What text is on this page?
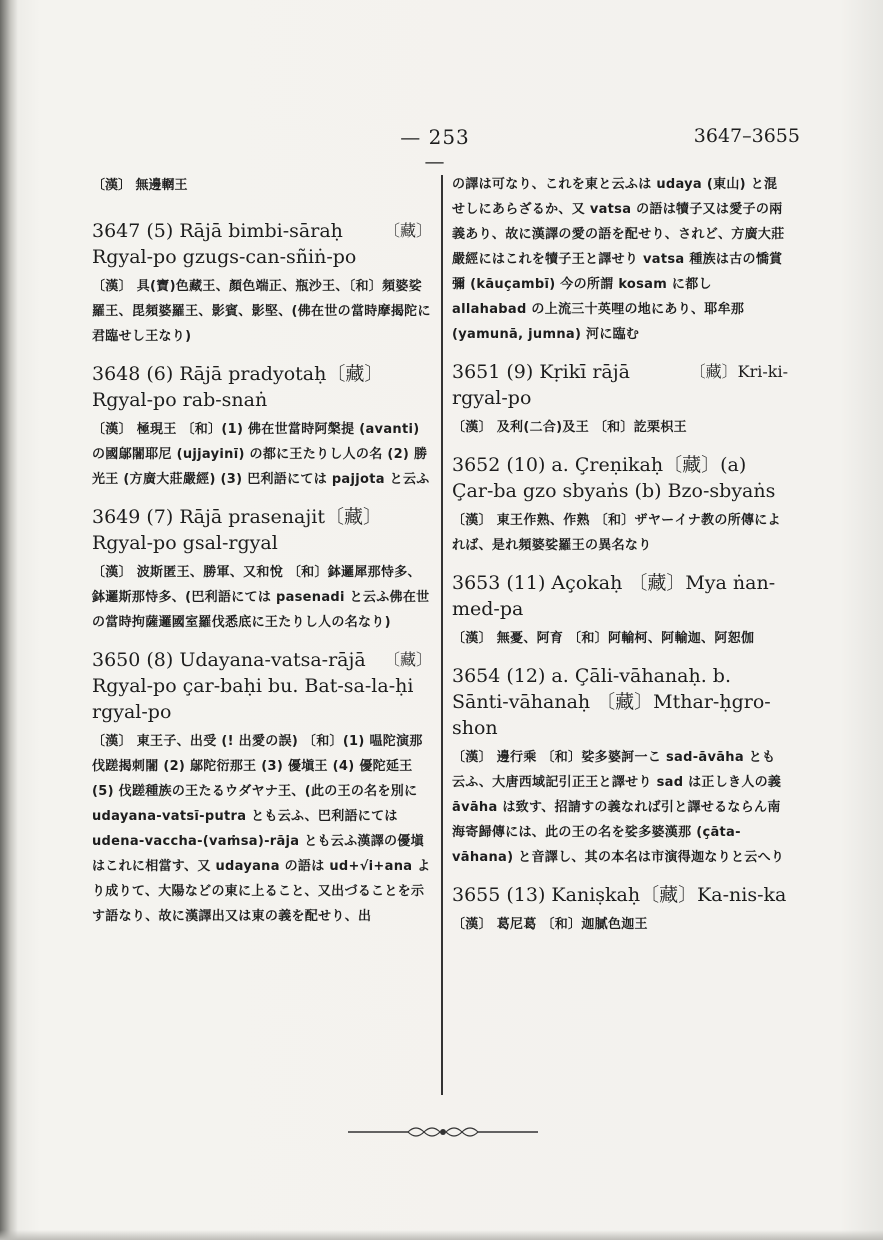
— 253 —
3647–3655
〔漢〕 無邊輞王
〔藏〕
3647 (5) Rājā bimbi-sāraḥ
Rgyal-po gzugs-can-sñiṅ-po
〔漢〕 具(寶)色藏王、顏色端正、瓶沙王、〔和〕頻婆娑羅王、毘頻婆羅王、影賓、影堅、(佛在世の當時摩揭陀に君臨せし王なり)
3648 (6) Rājā pradyotaḥ〔藏〕Rgyal-po rab-snaṅ
〔漢〕 極現王 〔和〕(1) 佛在世當時阿槃提 (avanti) の國鄔闍耶尼 (ujjayinī) の都に王たりし人の名 (2) 勝光王 (方廣大莊嚴經) (3) 巴利語にては pajjota と云ふ
3649 (7) Rājā prasenajit〔藏〕Rgyal-po gsal-rgyal
〔漢〕 波斯匿王、勝軍、又和悅 〔和〕鉢邏犀那恃多、鉢邏斯那恃多、(巴利語にては pasenadi と云ふ佛在世の當時拘薩邏國室羅伐悉底に王たりし人の名なり)
〔藏〕
3650 (8) Udayana-vatsa-rājā
Rgyal-po çar-baḥi bu. Bat-sa-la-ḥi rgyal-po
〔漢〕 東王子、出受 (! 出愛の誤) 〔和〕(1) 嗢陀演那伐蹉揭刺闍 (2) 鄔陀衍那王 (3) 優塡王 (4) 優陀延王 (5) 伐蹉種族の王たるウダヤナ王、(此の王の名を別に udayana-vatsī-putra とも云ふ、巴利語にては udena-vaccha-(vaṁsa)-rāja とも云ふ漢譯の優塡はこれに相當す、又 udayana の語は ud+√i+ana より成りて、大陽などの東に上ること、又出づることを示す語なり、故に漢譯出又は東の義を配せり、出
の譯は可なり、これを東と云ふは udaya (東山) と混せしにあらざるか、又 vatsa の語は犢子又は愛子の兩義あり、故に漢譯の愛の語を配せり、されど、方廣大莊嚴經にはこれを犢子王と譯せり vatsa 種族は古の憍賞彌 (kāuçambī) 今の所謂 kosam に都し allahabad の上流三十英哩の地にあり、耶牟那 (yamunā, jumna) 河に臨む
〔藏〕Kri-ki-
3651 (9) Kṛikī rājā
rgyal-po
〔漢〕 及利(二合)及王 〔和〕訖栗枳王
3652 (10) a. Çreṇikaḥ〔藏〕(a) Çar-ba gzo sbyaṅs (b) Bzo-sbyaṅs
〔漢〕 東王作熟、作熟 〔和〕ザヤーイナ教の所傳によれば、是れ頻婆娑羅王の異名なり
3653 (11) Açokaḥ 〔藏〕Mya ṅan-med-pa
〔漢〕 無憂、阿育 〔和〕阿輸柯、阿輸迦、阿恕伽
3654 (12) a. Çāli-vāhanaḥ. b. Sānti-vāhanaḥ 〔藏〕Mthar-ḥgro-shon
〔漢〕 邊行乘 〔和〕娑多婆訶一こ sad-āvāha とも云ふ、大唐西域記引正王と譯せり sad は正しき人の義 āvāha は致す、招請すの義なれば引と譯せるならん南海寄歸傳には、此の王の名を娑多婆漢那 (çāta-vāhana) と音譯し、其の本名は市演得迦なりと云へり
3655 (13) Kaniṣkaḥ〔藏〕Ka-nis-ka
〔漢〕 葛尼葛 〔和〕迦膩色迦王
